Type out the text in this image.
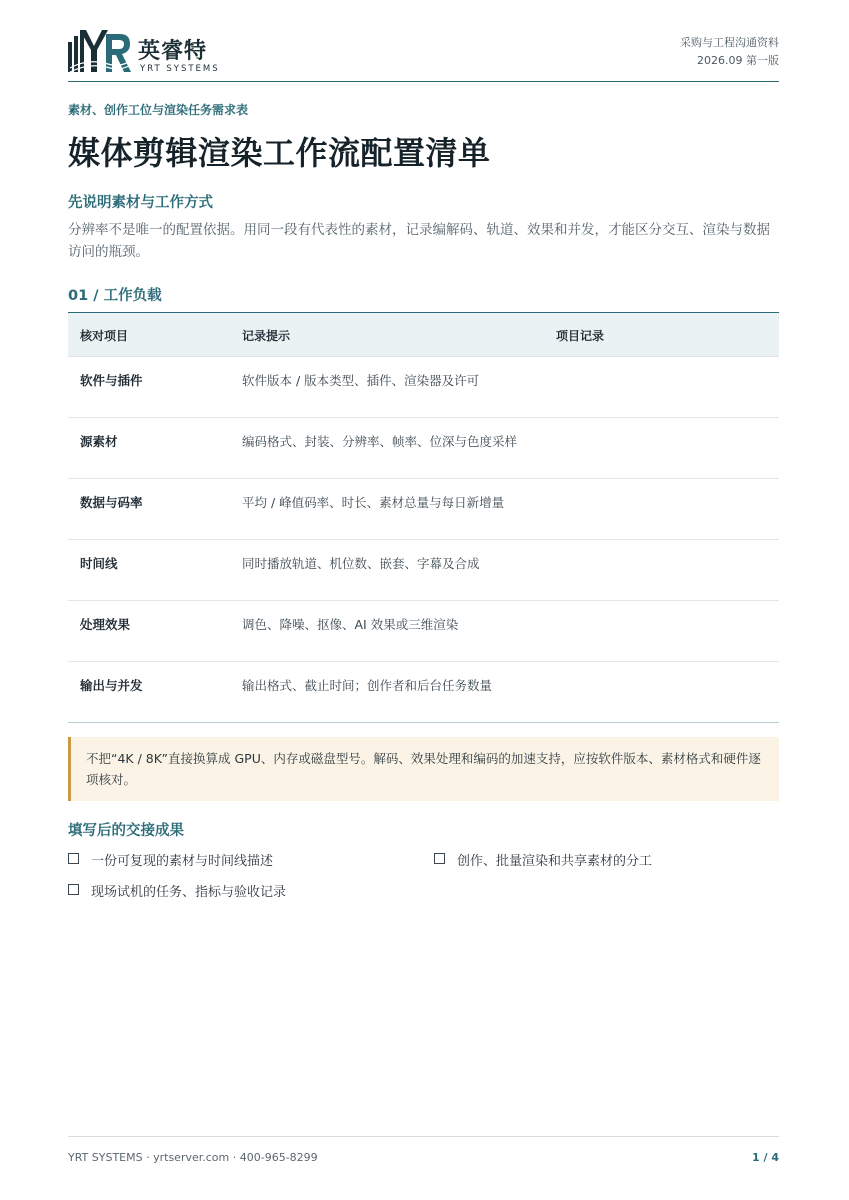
英睿特
YRT SYSTEMS
采购与工程沟通资料
2026.09 第一版
素材、创作工位与渲染任务需求表
媒体剪辑渲染工作流配置清单
先说明素材与工作方式
分辨率不是唯一的配置依据。用同一段有代表性的素材，记录编解码、轨道、效果和并发，才能区分交互、渲染与数据访问的瓶颈。
01 / 工作负载
核对项目	记录提示	项目记录
软件与插件	软件版本 / 版本类型、插件、渲染器及许可
源素材	编码格式、封装、分辨率、帧率、位深与色度采样
数据与码率	平均 / 峰值码率、时长、素材总量与每日新增量
时间线	同时播放轨道、机位数、嵌套、字幕及合成
处理效果	调色、降噪、抠像、AI 效果或三维渲染
输出与并发	输出格式、截止时间；创作者和后台任务数量
不把“4K / 8K”直接换算成 GPU、内存或磁盘型号。解码、效果处理和编码的加速支持，应按软件版本、素材格式和硬件逐项核对。
填写后的交接成果
一份可复现的素材与时间线描述	创作、批量渲染和共享素材的分工
现场试机的任务、指标与验收记录
YRT SYSTEMS · yrtserver.com · 400-965-8299	1 / 4
